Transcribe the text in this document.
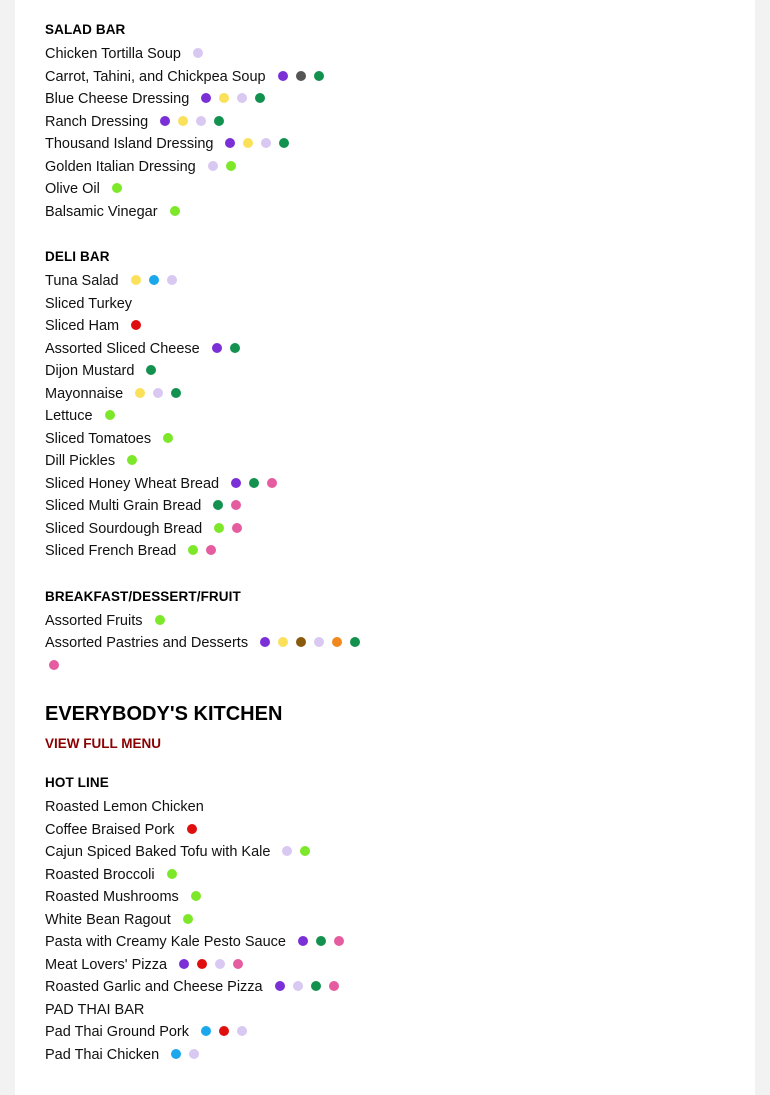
SALAD BAR
Chicken Tortilla Soup
Carrot, Tahini, and Chickpea Soup
Blue Cheese Dressing
Ranch Dressing
Thousand Island Dressing
Golden Italian Dressing
Olive Oil
Balsamic Vinegar
DELI BAR
Tuna Salad
Sliced Turkey
Sliced Ham
Assorted Sliced Cheese
Dijon Mustard
Mayonnaise
Lettuce
Sliced Tomatoes
Dill Pickles
Sliced Honey Wheat Bread
Sliced Multi Grain Bread
Sliced Sourdough Bread
Sliced French Bread
BREAKFAST/DESSERT/FRUIT
Assorted Fruits
Assorted Pastries and Desserts
EVERYBODY'S KITCHEN
VIEW FULL MENU
HOT LINE
Roasted Lemon Chicken
Coffee Braised Pork
Cajun Spiced Baked Tofu with Kale
Roasted Broccoli
Roasted Mushrooms
White Bean Ragout
Pasta with Creamy Kale Pesto Sauce
Meat Lovers' Pizza
Roasted Garlic and Cheese Pizza
PAD THAI BAR
Pad Thai Ground Pork
Pad Thai Chicken
